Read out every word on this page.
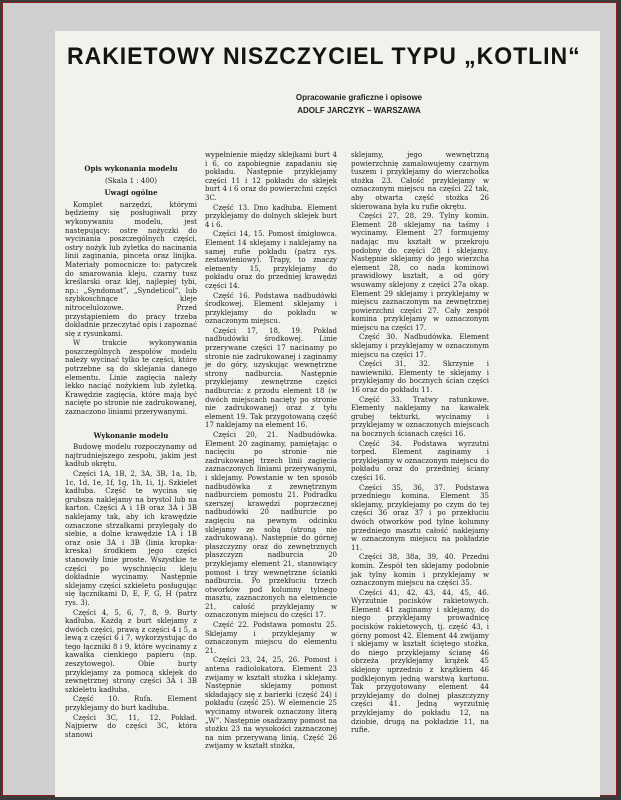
RAKIETOWY NISZCZYCIEL TYPU „KOTLIN“
Opracowanie graficzne i opisowe
ADOLF JARCZYK – WARSZAWA

Opis wykonania modelu

(Skala 1 : 400)

Uwagi ogólne

Komplet narzędzi, którymi będziemy się posługiwali przy wykonywaniu modelu, jest następujący: ostre nożyczki do wycinania poszczególnych części, ostry nożyk lub żyletka do nacinania linii zaginania, pinceta oraz linijka. Materiały pomocnicze to: patyczek do smarowania kleju, czarny tusz kreślarski oraz klej, najlepiej tybi, np.: „Syndomat”, „Syndeticol”, lub szybkoschnące kleje nitrocelulozowe. Przed przystąpieniem do pracy trzeba dokładnie przeczytać opis i zapoznać się z rysunkami.

W trakcie wykonywania poszczególnych zespołów modelu należy wycinać tylko te części, które potrzebne są do sklejania danego elementu. Linie zagięcia należy lekko naciąć nożykiem lub żyletką. Krawędzie zagięcia, które mają być nacięte po stronie nie zadrukowanej, zaznaczono liniami przerywanymi.

Wykonanie modelu

Budowę modelu rozpoczynamy od najtrudniejszego zespołu, jakim jest kadłub okrętu.

Części 1A, 1B, 2, 3A, 3B, 1a, 1b, 1c, 1d, 1e, 1f, 1g, 1h, 1i, 1j. Szkielet kadłuba. Część te wycina się grubsza naklejamy na brystol lub na karton. Części A i 1B oraz 3A i 3B naklejamy tak, aby ich krawędzie oznaczone strzałkami przylegały do siebie, a dolne krawędzie 1A i 1B oraz osie 3A i 3B (linia kropka-kreska) środkiem jego części stanowiły linie proste. Wszystkie te części po wyschnięciu kleju dokładnie wycinamy. Następnie sklejamy części szkieletu posługując się łącznikami D, E, F, G, H (patrz rys. 3).

Części 4, 5, 6, 7, 8, 9. Burty kadłuba. Każdą z burt sklejamy z dwóch części, prawą z części 4 i 5, a lewą z części 6 i 7, wykorzystując do tego łączniki 8 i 9, które wycinamy z kawałka cienkiego papieru (np. zeszytowego). Obie burty przyklejamy za pomocą sklejek do zewnętrznej strony części 3A i 3B szkieletu kadłuba.

Część 10. Rufa. Element przyklejamy do burt kadłuba.

Części 3C, 11, 12. Pokład. Najpierw do części 3C, która stanowi

wypełnienie między sklejkami burt 4 i 6, co zapobiegnie zapadaniu się pokładu. Następnie przyklejamy części 11 i 12 pokładu do sklejek burt 4 i 6 oraz do powierzchni części 3C.

Część 13. Dno kadłuba. Element przyklejamy do dolnych sklejek burt 4 i 6.

Części 14, 15. Pomost śmigłowca. Element 14 sklejamy i naklejamy na samej rufie pokładu (patrz rys. zestawieniowy). Trapy, to znaczy elementy 15, przyklejamy do pokładu oraz do przedniej krawędzi części 14.

Część 16. Podstawa nadbudówki środkowej. Element sklejamy i przyklejamy do pokładu w oznaczonym miejscu.

Części 17, 18, 19. Pokład nadbudówki środkowej. Linie przerywane części 17 nacinamy po stronie nie zadrukowanej i zaginamy je do góry, uzyskując wewnętrzne strony nadburcia. Następnie przyklejamy zewnętrzne części nadburcia: z przodu element 18 (w dwóch miejscach nacięty po stronie nie zadrukowanej) oraz z tyłu element 19. Tak przygotowaną część 17 naklejamy na element 16.

Części 20, 21. Nadbudówka. Element 20 zaginamy, pamiętając o nacięciu po stronie nie zadrukowanej trzech linii zagięcia zaznaczonych liniami przerywanymi, i sklejamy. Powstanie w ten sposób nadbudówka z zewnętrznym nadburciem pomostu 21. Podradku szerszej krawędzi poprzecznej nadbudówki 20 nadburcie po zagięciu na pewnym odcinku sklejamy ze sobą (stroną nie zadrukowaną). Następnie do górnej płaszczyzny oraz do zewnętrznych płaszczyzn nadburcia 20 przyklejamy element 21, stanowiący pomost i trzy wewnętrzne ścianki nadburcia. Po przekłuciu trzech otworków pod kolumny tylnego masztu, zaznaczonych na elemencie 21, całość przyklejamy w oznaczonym miejscu do części 17.

Część 22. Podstawa pomostu 25. Sklejamy i przyklejamy w oznaczonym miejscu do elementu 21.

Części 23, 24, 25, 26. Pomost i antena radiolokatora. Element 23 zwijamy w kształt stożka i sklejamy. Następnie sklejamy pomost składający się z barierki (część 24) i pokładu (część 25). W elemencie 25 wycinamy otworek oznaczony literą „W”. Następnie osadzamy pomost na stożku 23 na wysokości zaznaczonej na nim przerywaną linią. Część 26 zwijamy w kształt stożka,

sklejamy, jego wewnętrzną powierzchnię zamalowujemy czarnym tuszem i przyklejamy do wierzchołka stożka 23. Całość przyklejamy w oznaczonym miejscu na części 22 tak, aby otwarta część stożka 26 skierowana była ku rufie okrętu.

Części 27, 28, 29. Tylny komin. Element 28 sklejamy na taśmy i wycinamy. Element 27 formujemy nadając mu kształt w przekroju podobny do części 28 i sklejamy. Następnie sklejamy do jego wierzcha element 28, co nada kominowi prawidłowy kształt, a od góry wsuwamy sklejony z części 27a okap. Element 29 sklejamy i przyklejamy w miejscu zaznaczonym na zewnętrznej powierzchni części 27. Cały zespół komina przyklejamy w oznaczonym miejscu na części 17.

Część 30. Nadbudówka. Element sklejamy i przyklejamy w oznaczonym miejscu na części 17.

Części 31, 32. Skrzynie i nawiewniki. Elementy te sklejamy i przyklejamy do bocznych ścian części 16 oraz do pokładu 11.

Część 33. Tratwy ratunkowe. Elementy naklejamy na kawałek grubej tekturki, wycinamy i przyklejamy w oznaczonych miejscach na bocznych ścianach części 16.

Część 34. Podstawa wyrzutni torped. Element zaginamy i przyklejamy w oznaczonym miejscu do pokładu oraz do przedniej ściany części 16.

Części 35, 36, 37. Podstawa przedniego komina. Element 35 sklejamy, przyklejamy po czym do tej części 36 oraz 37 i po przekłuciu dwóch otworków pod tylne kolumny przedniego masztu całość naklejamy w oznaczonym miejscu na pokładzie 11.

Części 38, 38a, 39, 40. Przedni komin. Zespół ten sklejamy podobnie jak tylny komin i przyklejamy w oznaczonym miejscu na części 35.

Części 41, 42, 43, 44, 45, 46. Wyrzutnie pocisków rakietowych. Element 41 zaginamy i sklejamy, do niego przyklejamy prowadnicę pocisków rakietowych, tj. część 43, i górny pomost 42. Element 44 zwijamy i sklejamy w kształt ściętego stożka, do niego przyklejamy ścianę 46 obrzeża przyklejamy krążek 45 sklejony uprzednio z krążkiem 46 podklejonym jedną warstwą kartonu. Tak przygotowany element 44 przyklejamy do dolnej płaszczyzny części 41. Jedną wyrzutnię przyklejamy do pokładu 12, na dziobie, drugą na pokładzie 11, na rufie.
